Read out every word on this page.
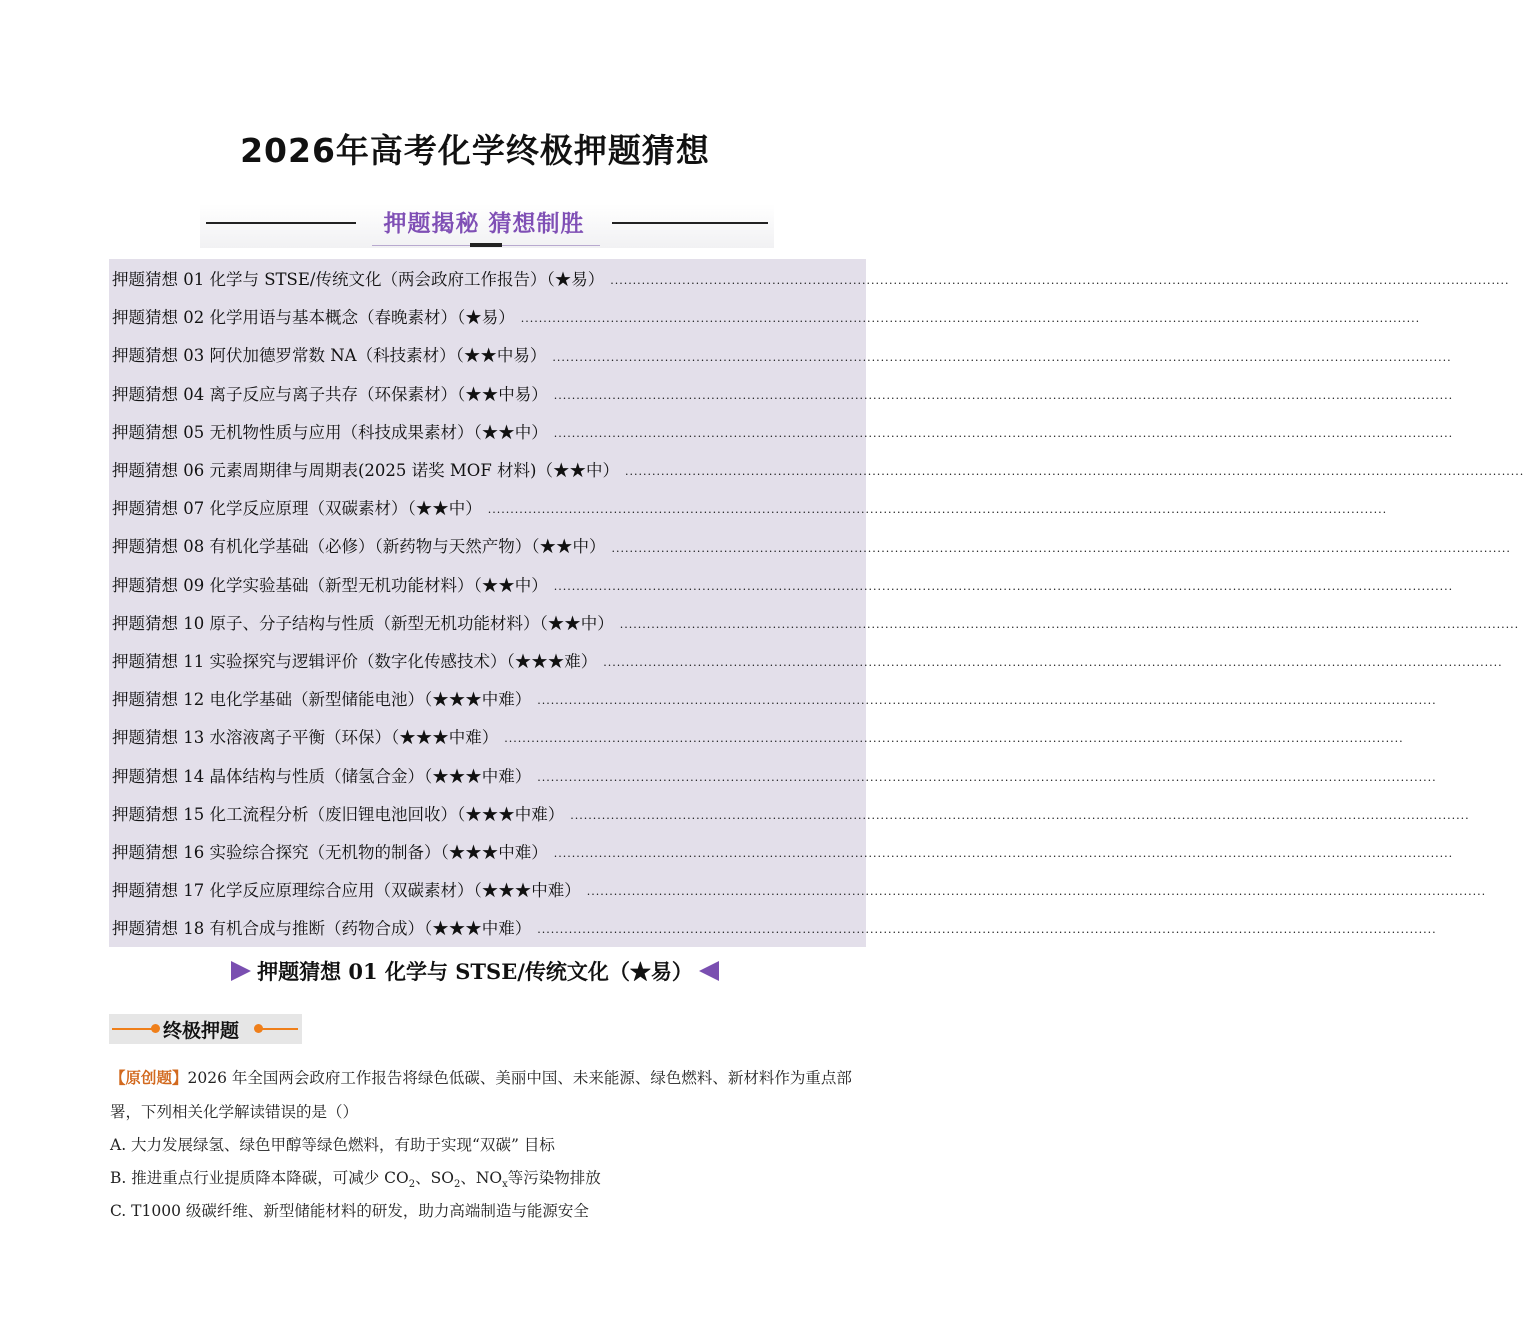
2026年高考化学终极押题猜想
押题揭秘 猜想制胜
押题猜想 01 化学与 STSE/传统文化（两会政府工作报告）（★易） ........................................................................................................................................................................................................
押题猜想 02 化学用语与基本概念（春晚素材）（★易） ........................................................................................................................................................................................................
押题猜想 03 阿伏加德罗常数 NA（科技素材）（★★中易） ........................................................................................................................................................................................................
押题猜想 04 离子反应与离子共存（环保素材）（★★中易） ........................................................................................................................................................................................................
押题猜想 05 无机物性质与应用（科技成果素材）（★★中） ........................................................................................................................................................................................................
押题猜想 06 元素周期律与周期表(2025 诺奖 MOF 材料)（★★中） ........................................................................................................................................................................................................
押题猜想 07 化学反应原理（双碳素材）（★★中） ........................................................................................................................................................................................................
押题猜想 08 有机化学基础（必修）（新药物与天然产物）（★★中） ........................................................................................................................................................................................................
押题猜想 09 化学实验基础（新型无机功能材料）（★★中） ........................................................................................................................................................................................................
押题猜想 10 原子、分子结构与性质（新型无机功能材料）（★★中） ........................................................................................................................................................................................................
押题猜想 11 实验探究与逻辑评价（数字化传感技术）（★★★难） ........................................................................................................................................................................................................
押题猜想 12 电化学基础（新型储能电池）（★★★中难） ........................................................................................................................................................................................................
押题猜想 13 水溶液离子平衡（环保）（★★★中难） ........................................................................................................................................................................................................
押题猜想 14 晶体结构与性质（储氢合金）（★★★中难） ........................................................................................................................................................................................................
押题猜想 15 化工流程分析（废旧锂电池回收）（★★★中难） ........................................................................................................................................................................................................
押题猜想 16 实验综合探究（无机物的制备）（★★★中难） ........................................................................................................................................................................................................
押题猜想 17 化学反应原理综合应用（双碳素材）（★★★中难） ........................................................................................................................................................................................................
押题猜想 18 有机合成与推断（药物合成）（★★★中难） ........................................................................................................................................................................................................
押题猜想 01 化学与 STSE/传统文化（★易）
终极押题
【原创题】2026 年全国两会政府工作报告将绿色低碳、美丽中国、未来能源、绿色燃料、新材料作为重点部署，下列相关化学解读错误的是（）
A. 大力发展绿氢、绿色甲醇等绿色燃料，有助于实现“双碳” 目标
B. 推进重点行业提质降本降碳，可减少 $CO_2$、$SO_2$、$NO_x$等污染物排放
C. T1000 级碳纤维、新型储能材料的研发，助力高端制造与能源安全
